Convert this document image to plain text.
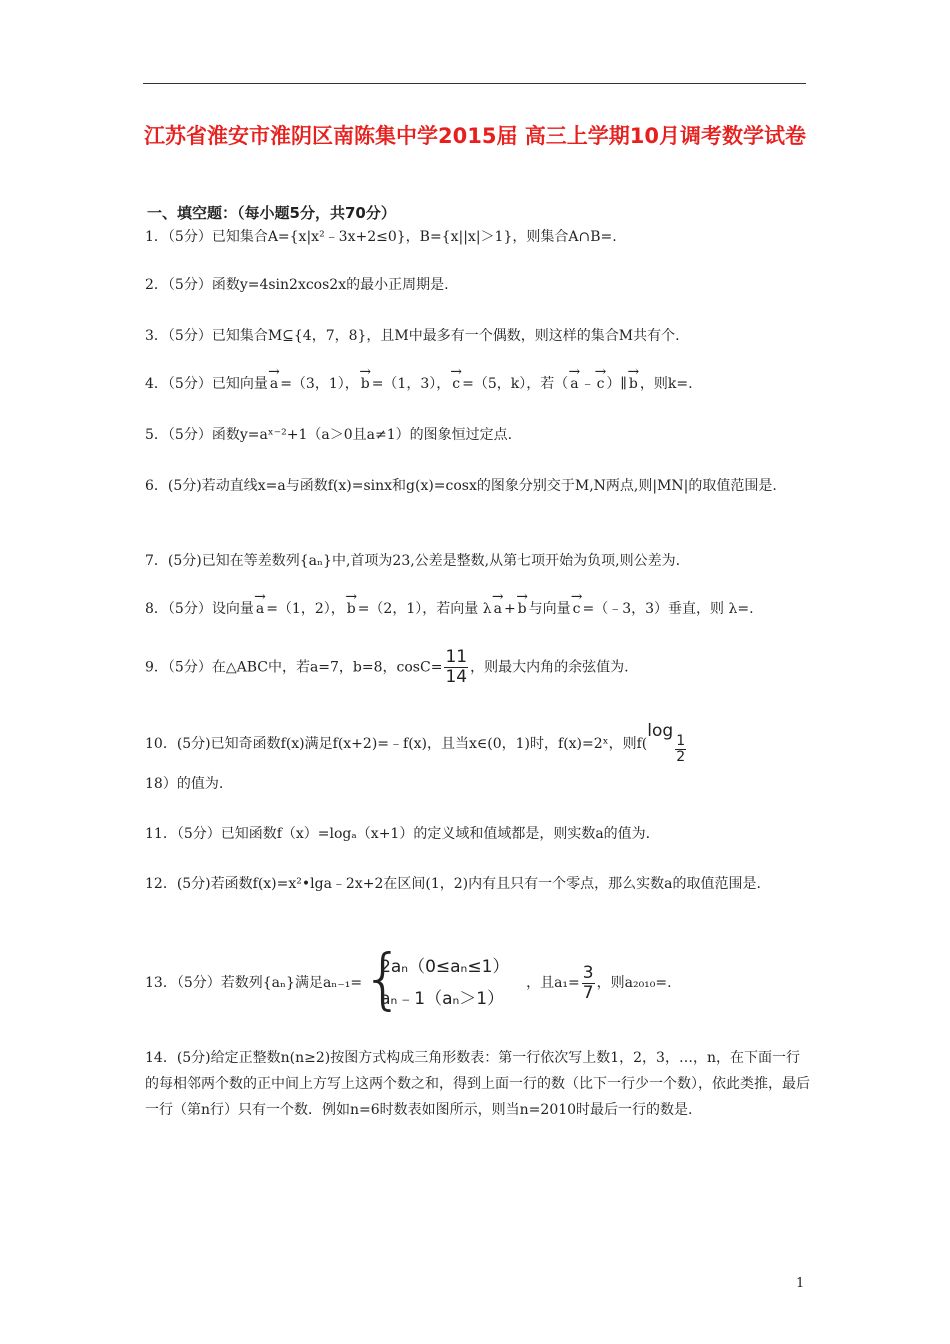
江苏省淮安市淮阴区南陈集中学2015届 高三上学期10月调考数学试卷
一、填空题：（每小题5分，共70分）
1．（5分）已知集合A={x|x²﹣3x+2≤0}，B={x||x|＞1}，则集合A∩B=.
2．（5分）函数y=4sin2xcos2x的最小正周期是.
3．（5分）已知集合M⊆{4，7，8}，且M中最多有一个偶数，则这样的集合M共有个.
4．（5分）已知向量
→
a =（3，1），
→
b =（1，3），
→
c =（5，k），若（
→
a ﹣
→
c ）∥
→
b ，则k=.
5．（5分）函数y=aˣ⁻²+1（a＞0且a≠1）的图象恒过定点.
6．(5分)若动直线x=a与函数f(x)=sinx和g(x)=cosx的图象分别交于M,N两点,则|MN|的取值范围是.
7．(5分)已知在等差数列{aₙ}中,首项为23,公差是整数,从第七项开始为负项,则公差为.
8．（5分）设向量
→
a =（1，2），
→
b =（2，1），若向量 λ
→
a +
→
b 与向量
→
c =（﹣3，3）垂直，则 λ=.
9．（5分）在△ABC中，若a=7，b=8，$\cos C= \frac{11}{14}$ ，则最大内角的余弦值为.
10．(5分)已知奇函数f(x)满足f(x+2)=﹣f(x)，且当x∈(0，1)时，f(x)=2ˣ，则f(
log
$\frac{1}{2}$
18）的值为.
11．（5分）已知函数f（x）=logₐ（x+1）的定义域和值域都是，则实数a的值为.
12．(5分)若函数f(x)=x²•lga﹣2x+2在区间(1，2)内有且只有一个零点，那么实数a的取值范围是.
13．（5分）若数列{aₙ}满足aₙ₋₁= {
2aₙ（0≤aₙ≤1）
aₙ﹣1（aₙ＞1）
，且$a_1= \frac{3}{7}$ ，则a₂₀₁₀=.
14．(5分)给定正整数n(n≥2)按图方式构成三角形数表：第一行依次写上数1，2，3，…，n，在下面一行的每相邻两个数的正中间上方写上这两个数之和，得到上面一行的数（比下一行少一个数），依此类推，最后一行（第n行）只有一个数．例如n=6时数表如图所示，则当n=2010时最后一行的数是.
1
